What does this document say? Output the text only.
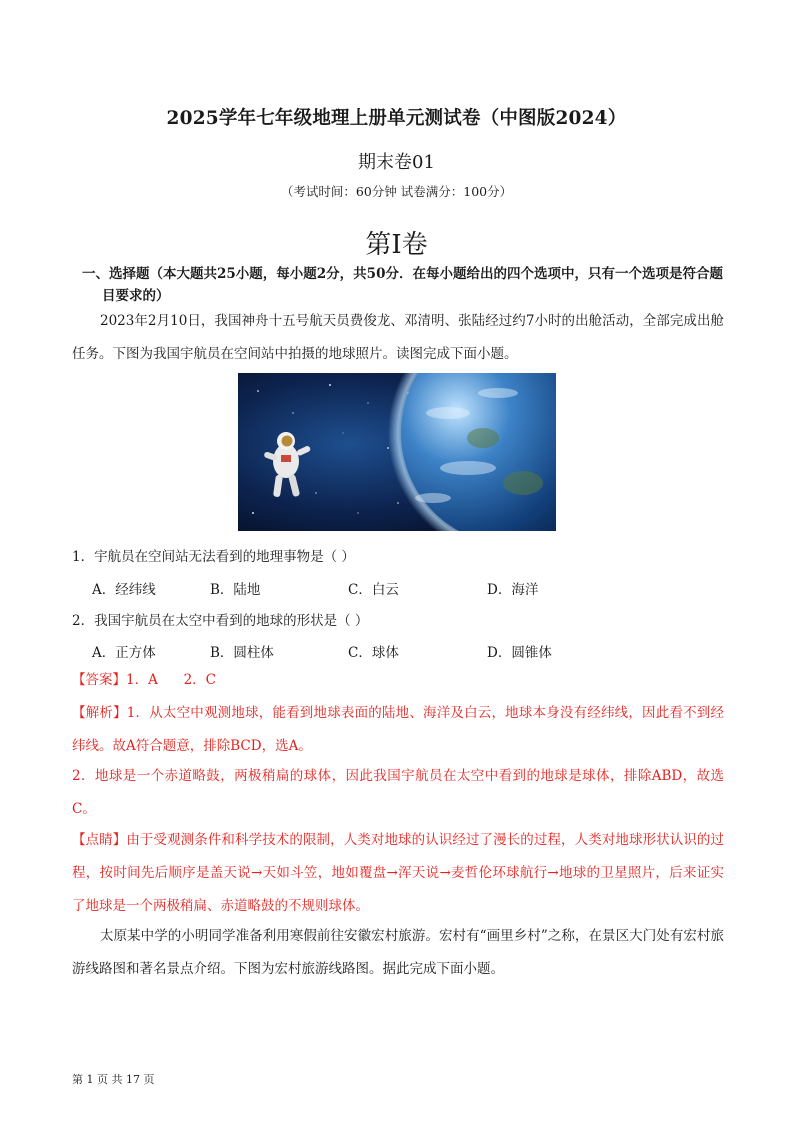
2025学年七年级地理上册单元测试卷（中图版2024）
期末卷01
（考试时间：60分钟 试卷满分：100分）
第I卷
一、选择题（本大题共25小题，每小题2分，共50分．在每小题给出的四个选项中，只有一个选项是符合题目要求的）
2023年2月10日，我国神舟十五号航天员费俊龙、邓清明、张陆经过约7小时的出舱活动，全部完成出舱任务。下图为我国宇航员在空间站中拍摄的地球照片。读图完成下面小题。
1．宇航员在空间站无法看到的地理事物是（ ）
A．经纬线	B．陆地	C．白云	D．海洋
2．我国宇航员在太空中看到的地球的形状是（ ）
A．正方体	B．圆柱体	C．球体	D．圆锥体
【答案】1．A      2．C
【解析】1．从太空中观测地球，能看到地球表面的陆地、海洋及白云，地球本身没有经纬线，因此看不到经纬线。故A符合题意，排除BCD，选A。
2．地球是一个赤道略鼓，两极稍扁的球体，因此我国宇航员在太空中看到的地球是球体，排除ABD，故选C。
【点睛】由于受观测条件和科学技术的限制，人类对地球的认识经过了漫长的过程，人类对地球形状认识的过程，按时间先后顺序是盖天说→天如斗笠，地如覆盘→浑天说→麦哲伦环球航行→地球的卫星照片，后来证实了地球是一个两极稍扁、赤道略鼓的不规则球体。
太原某中学的小明同学准备利用寒假前往安徽宏村旅游。宏村有“画里乡村”之称，在景区大门处有宏村旅游线路图和著名景点介绍。下图为宏村旅游线路图。据此完成下面小题。
第 1 页 共 17 页
